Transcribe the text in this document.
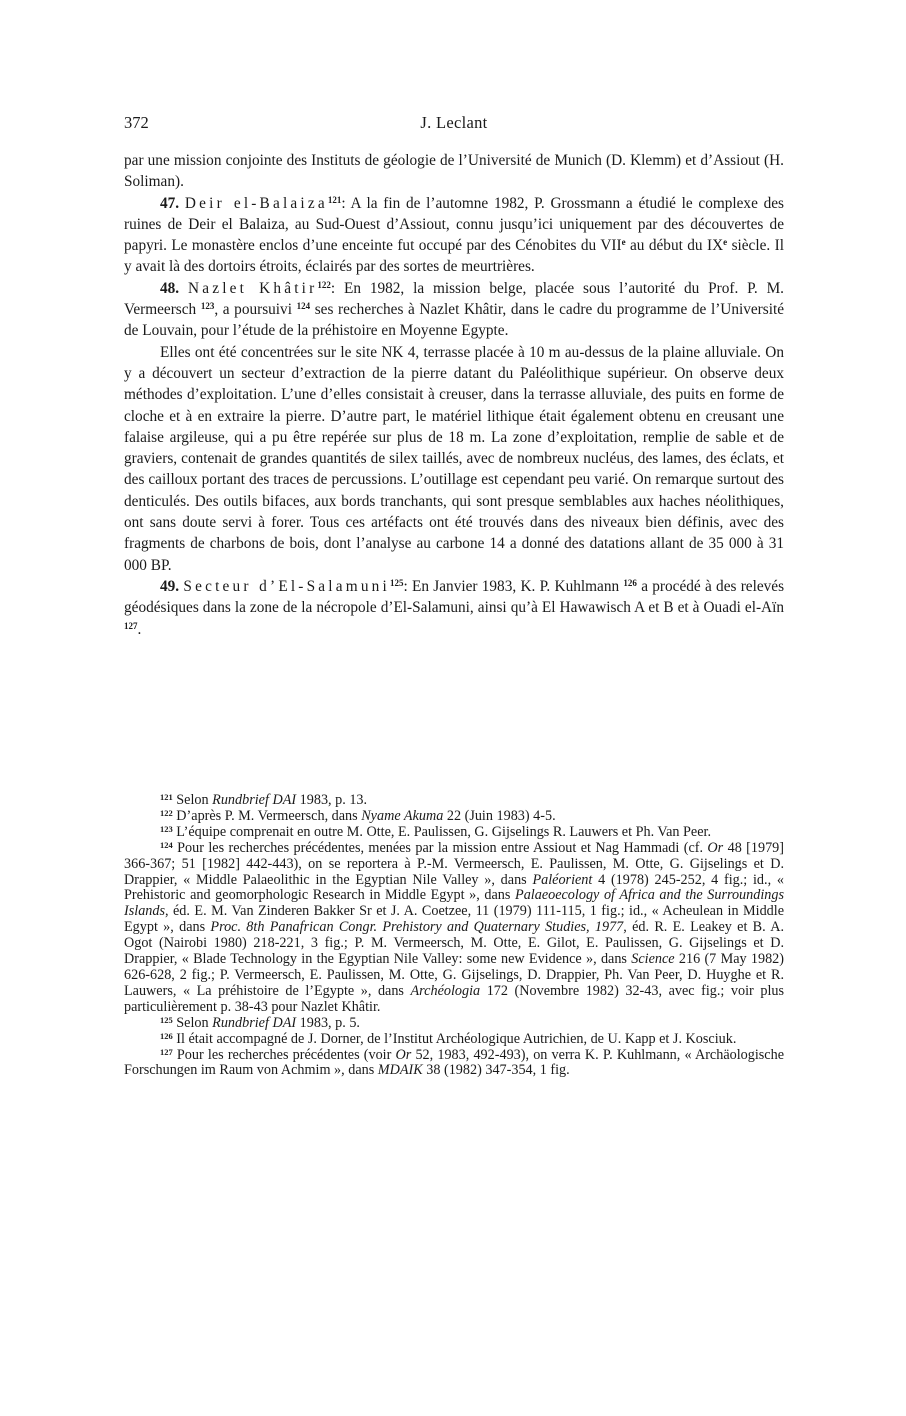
372	J. Leclant

par une mission conjointe des Instituts de géologie de l’Université de Munich (D. Klemm) et d’Assiout (H. Soliman).

47. Deir el-Balaiza$^{121}$: A la fin de l’automne 1982, P. Grossmann a étudié le complexe des ruines de Deir el Balaiza, au Sud-Ouest d’Assiout, connu jusqu’ici uniquement par des découvertes de papyri. Le monastère enclos d’une enceinte fut occupé par des Cénobites du VIIe au début du IXe siècle. Il y avait là des dortoirs étroits, éclairés par des sortes de meurtrières.

48. Nazlet Khâtir$^{122}$: En 1982, la mission belge, placée sous l’autorité du Prof. P. M. Vermeersch $^{123}$, a poursuivi $^{124}$ ses recherches à Nazlet Khâtir, dans le cadre du programme de l’Université de Louvain, pour l’étude de la préhistoire en Moyenne Egypte.

Elles ont été concentrées sur le site NK 4, terrasse placée à 10 m au-dessus de la plaine alluviale. On y a découvert un secteur d’extraction de la pierre datant du Paléolithique supérieur. On observe deux méthodes d’exploitation. L’une d’elles consistait à creuser, dans la terrasse alluviale, des puits en forme de cloche et à en extraire la pierre. D’autre part, le matériel lithique était également obtenu en creusant une falaise argileuse, qui a pu être repérée sur plus de 18 m. La zone d’exploitation, remplie de sable et de graviers, contenait de grandes quantités de silex taillés, avec de nombreux nucléus, des lames, des éclats, et des cailloux portant des traces de percussions. L’outillage est cependant peu varié. On remarque surtout des denticulés. Des outils bifaces, aux bords tranchants, qui sont presque semblables aux haches néolithiques, ont sans doute servi à forer. Tous ces artéfacts ont été trouvés dans des niveaux bien définis, avec des fragments de charbons de bois, dont l’analyse au carbone 14 a donné des datations allant de 35 000 à 31 000 BP.

49. Secteur d’El-Salamuni$^{125}$: En Janvier 1983, K. P. Kuhlmann $^{126}$ a procédé à des relevés géodésiques dans la zone de la nécropole d’El-Salamuni, ainsi qu’à El Hawawisch A et B et à Ouadi el-Aïn $^{127}$.

$^{121}$ Selon Rundbrief DAI 1983, p. 13.

$^{122}$ D’après P. M. Vermeersch, dans Nyame Akuma 22 (Juin 1983) 4-5.

$^{123}$ L’équipe comprenait en outre M. Otte, E. Paulissen, G. Gijselings R. Lauwers et Ph. Van Peer.

$^{124}$ Pour les recherches précédentes, menées par la mission entre Assiout et Nag Hammadi (cf. Or 48 [1979] 366-367; 51 [1982] 442-443), on se reportera à P.-M. Vermeersch, E. Paulissen, M. Otte, G. Gijselings et D. Drappier, « Middle Palaeolithic in the Egyptian Nile Valley », dans Paléorient 4 (1978) 245-252, 4 fig.; id., « Prehistoric and geomorphologic Research in Middle Egypt », dans Palaeoecology of Africa and the Surroundings Islands, éd. E. M. Van Zinderen Bakker Sr et J. A. Coetzee, 11 (1979) 111-115, 1 fig.; id., « Acheulean in Middle Egypt », dans Proc. 8th Panafrican Congr. Prehistory and Quaternary Studies, 1977, éd. R. E. Leakey et B. A. Ogot (Nairobi 1980) 218-221, 3 fig.; P. M. Vermeersch, M. Otte, E. Gilot, E. Paulissen, G. Gijselings et D. Drappier, « Blade Technology in the Egyptian Nile Valley: some new Evidence », dans Science 216 (7 May 1982) 626-628, 2 fig.; P. Vermeersch, E. Paulissen, M. Otte, G. Gijselings, D. Drappier, Ph. Van Peer, D. Huyghe et R. Lauwers, « La préhistoire de l’Egypte », dans Archéologia 172 (Novembre 1982) 32-43, avec fig.; voir plus particulièrement p. 38-43 pour Nazlet Khâtir.

$^{125}$ Selon Rundbrief DAI 1983, p. 5.

$^{126}$ Il était accompagné de J. Dorner, de l’Institut Archéologique Autrichien, de U. Kapp et J. Kosciuk.

$^{127}$ Pour les recherches précédentes (voir Or 52, 1983, 492-493), on verra K. P. Kuhlmann, « Archäologische Forschungen im Raum von Achmim », dans MDAIK 38 (1982) 347-354, 1 fig.
